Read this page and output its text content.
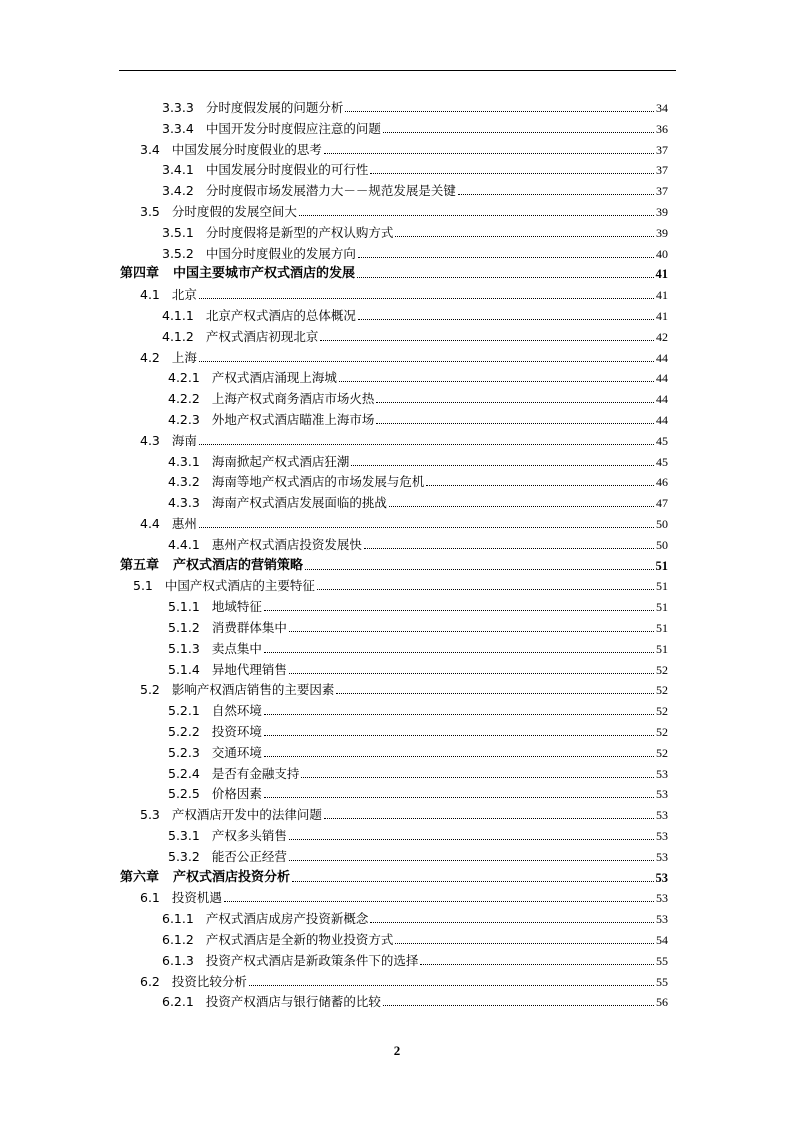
3.3.3 分时度假发展的问题分析	34
3.3.4 中国开发分时度假应注意的问题	36
3.4 中国发展分时度假业的思考	37
3.4.1 中国发展分时度假业的可行性	37
3.4.2 分时度假市场发展潜力大－－规范发展是关键	37
3.5 分时度假的发展空间大	39
3.5.1 分时度假将是新型的产权认购方式	39
3.5.2 中国分时度假业的发展方向	40
第四章 中国主要城市产权式酒店的发展	41
4.1 北京	41
4.1.1 北京产权式酒店的总体概况	41
4.1.2 产权式酒店初现北京	42
4.2 上海	44
4.2.1 产权式酒店涌现上海城	44
4.2.2 上海产权式商务酒店市场火热	44
4.2.3 外地产权式酒店瞄准上海市场	44
4.3 海南	45
4.3.1 海南掀起产权式酒店狂潮	45
4.3.2 海南等地产权式酒店的市场发展与危机	46
4.3.3 海南产权式酒店发展面临的挑战	47
4.4 惠州	50
4.4.1 惠州产权式酒店投资发展快	50
第五章 产权式酒店的营销策略	51
5.1 中国产权式酒店的主要特征	51
5.1.1 地域特征	51
5.1.2 消费群体集中	51
5.1.3 卖点集中	51
5.1.4 异地代理销售	52
5.2 影响产权酒店销售的主要因素	52
5.2.1 自然环境	52
5.2.2 投资环境	52
5.2.3 交通环境	52
5.2.4 是否有金融支持	53
5.2.5 价格因素	53
5.3 产权酒店开发中的法律问题	53
5.3.1 产权多头销售	53
5.3.2 能否公正经营	53
第六章 产权式酒店投资分析	53
6.1 投资机遇	53
6.1.1 产权式酒店成房产投资新概念	53
6.1.2 产权式酒店是全新的物业投资方式	54
6.1.3 投资产权式酒店是新政策条件下的选择	55
6.2 投资比较分析	55
6.2.1 投资产权酒店与银行储蓄的比较	56
2
